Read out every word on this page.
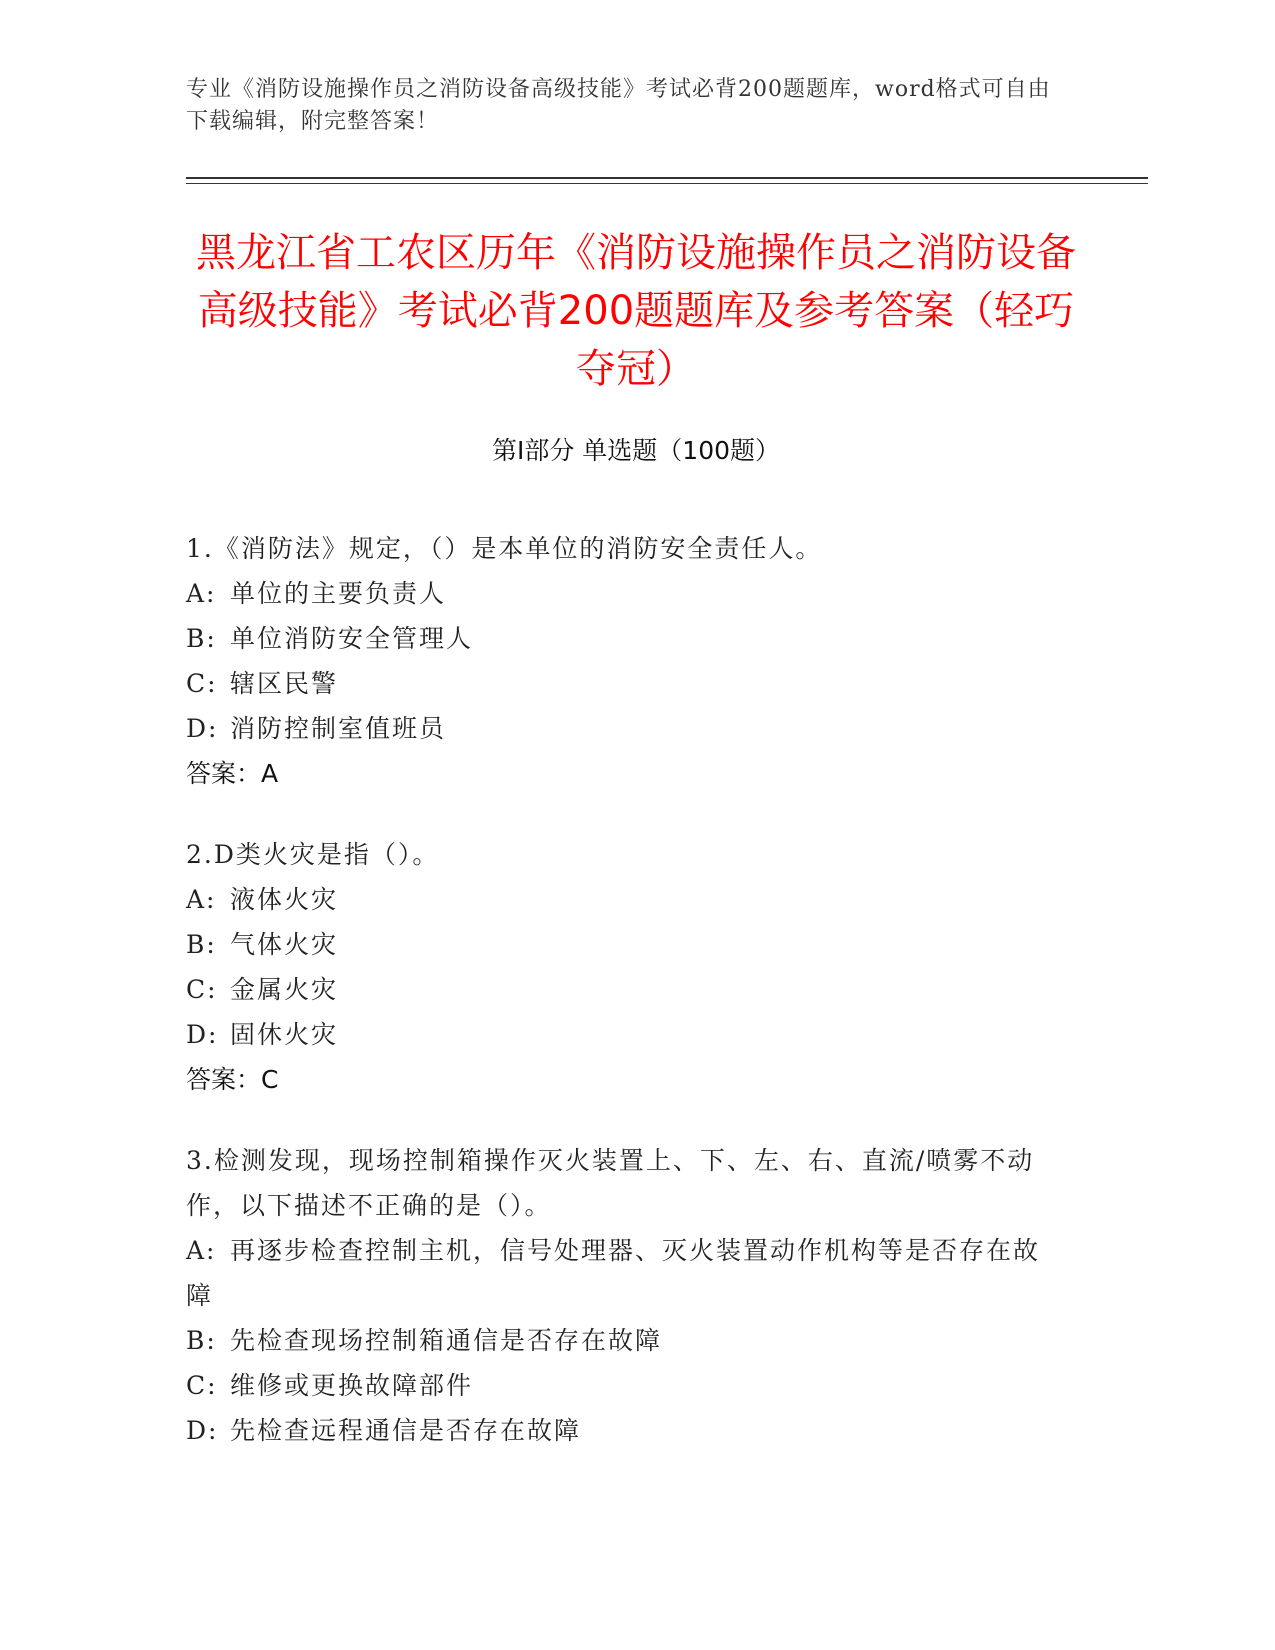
专业《消防设施操作员之消防设备高级技能》考试必背200题题库，word格式可自由下载编辑，附完整答案！
黑龙江省工农区历年《消防设施操作员之消防设备高级技能》考试必背200题题库及参考答案（轻巧夺冠）
第Ⅰ部分 单选题（100题）
1.《消防法》规定，（）是本单位的消防安全责任人。
A: 单位的主要负责人
B: 单位消防安全管理人
C: 辖区民警
D: 消防控制室值班员
答案：A
2.D类火灾是指（）。
A: 液体火灾
B: 气体火灾
C: 金属火灾
D: 固休火灾
答案：C
3.检测发现，现场控制箱操作灭火装置上、下、左、右、直流/喷雾不动作，以下描述不正确的是（）。
A: 再逐步检查控制主机，信号处理器、灭火装置动作机构等是否存在故障
B: 先检查现场控制箱通信是否存在故障
C: 维修或更换故障部件
D: 先检查远程通信是否存在故障
